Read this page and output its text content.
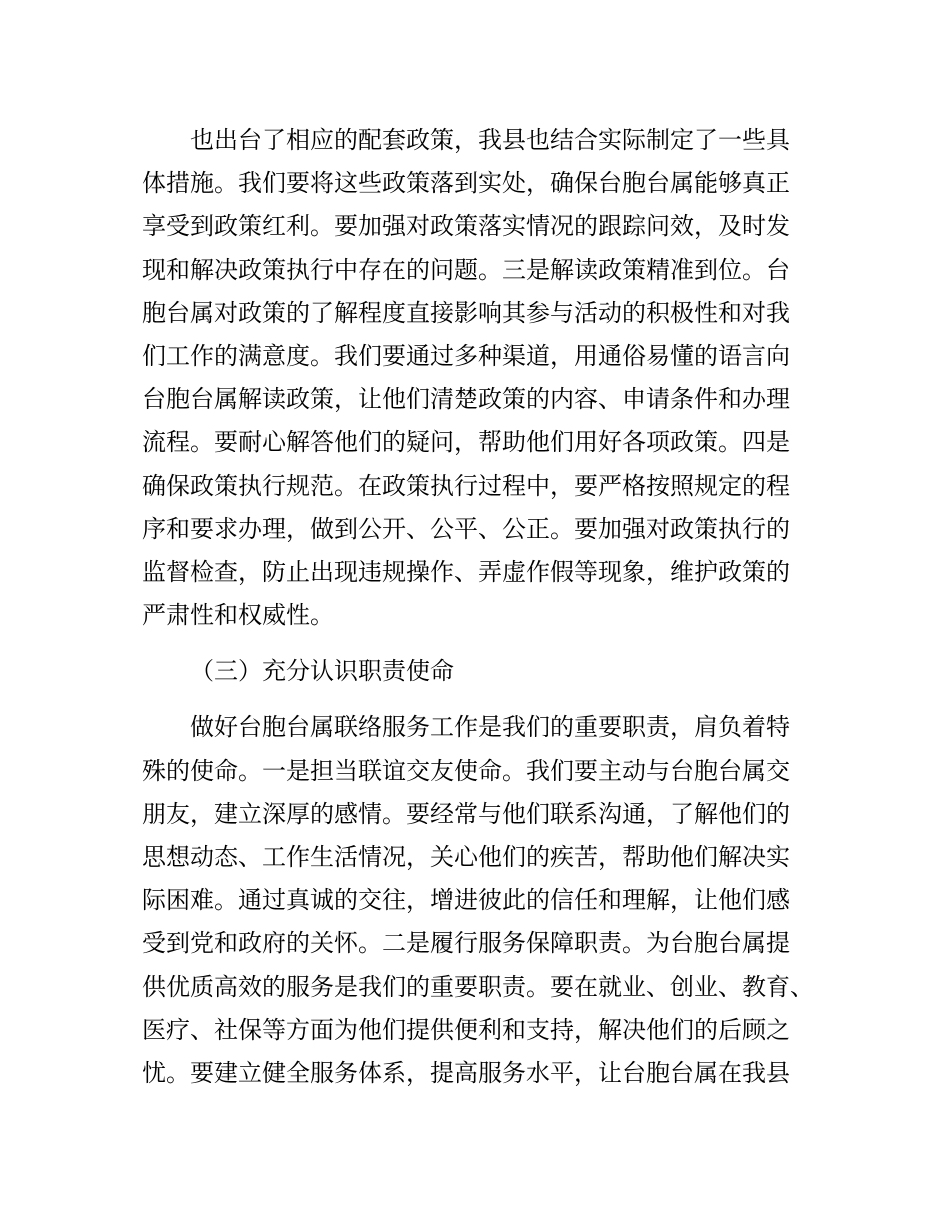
也出台了相应的配套政策，我县也结合实际制定了一些具
体措施。我们要将这些政策落到实处，确保台胞台属能够真正
享受到政策红利。要加强对政策落实情况的跟踪问效，及时发
现和解决政策执行中存在的问题。三是解读政策精准到位。台
胞台属对政策的了解程度直接影响其参与活动的积极性和对我
们工作的满意度。我们要通过多种渠道，用通俗易懂的语言向
台胞台属解读政策，让他们清楚政策的内容、申请条件和办理
流程。要耐心解答他们的疑问，帮助他们用好各项政策。四是
确保政策执行规范。在政策执行过程中，要严格按照规定的程
序和要求办理，做到公开、公平、公正。要加强对政策执行的
监督检查，防止出现违规操作、弄虚作假等现象，维护政策的
严肃性和权威性。
（三）充分认识职责使命
做好台胞台属联络服务工作是我们的重要职责，肩负着特
殊的使命。一是担当联谊交友使命。我们要主动与台胞台属交
朋友，建立深厚的感情。要经常与他们联系沟通，了解他们的
思想动态、工作生活情况，关心他们的疾苦，帮助他们解决实
际困难。通过真诚的交往，增进彼此的信任和理解，让他们感
受到党和政府的关怀。二是履行服务保障职责。为台胞台属提
供优质高效的服务是我们的重要职责。要在就业、创业、教育、
医疗、社保等方面为他们提供便利和支持，解决他们的后顾之
忧。要建立健全服务体系，提高服务水平，让台胞台属在我县
